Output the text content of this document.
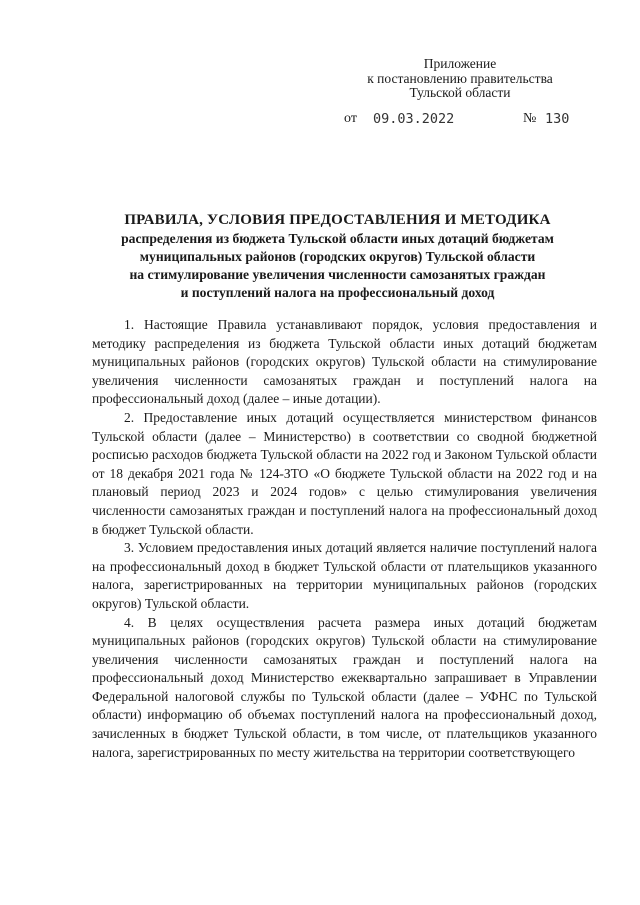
Приложение
к постановлению правительства
Тульской области
от 09.03.2022	№ 130
ПРАВИЛА, УСЛОВИЯ ПРЕДОСТАВЛЕНИЯ И МЕТОДИКА
распределения из бюджета Тульской области иных дотаций бюджетам
муниципальных районов (городских округов) Тульской области
на стимулирование увеличения численности самозанятых граждан
и поступлений налога на профессиональный доход

1. Настоящие Правила устанавливают порядок, условия предоставления и методику распределения из бюджета Тульской области иных дотаций бюджетам муниципальных районов (городских округов) Тульской области на стимулирование увеличения численности самозанятых граждан и поступлений налога на профессиональный доход (далее – иные дотации).

2. Предоставление иных дотаций осуществляется министерством финансов Тульской области (далее – Министерство) в соответствии со сводной бюджетной росписью расходов бюджета Тульской области на 2022 год и Законом Тульской области от 18 декабря 2021 года № 124-ЗТО «О бюджете Тульской области на 2022 год и на плановый период 2023 и 2024 годов» с целью стимулирования увеличения численности самозанятых граждан и поступлений налога на профессиональный доход в бюджет Тульской области.

3. Условием предоставления иных дотаций является наличие поступлений налога на профессиональный доход в бюджет Тульской области от плательщиков указанного налога, зарегистрированных на территории муниципальных районов (городских округов) Тульской области.

4. В целях осуществления расчета размера иных дотаций бюджетам муниципальных районов (городских округов) Тульской области на стимулирование увеличения численности самозанятых граждан и поступлений налога на профессиональный доход Министерство ежеквартально запрашивает в Управлении Федеральной налоговой службы по Тульской области (далее – УФНС по Тульской области) информацию об объемах поступлений налога на профессиональный доход, зачисленных в бюджет Тульской области, в том числе, от плательщиков указанного налога, зарегистрированных по месту жительства на территории соответствующего
